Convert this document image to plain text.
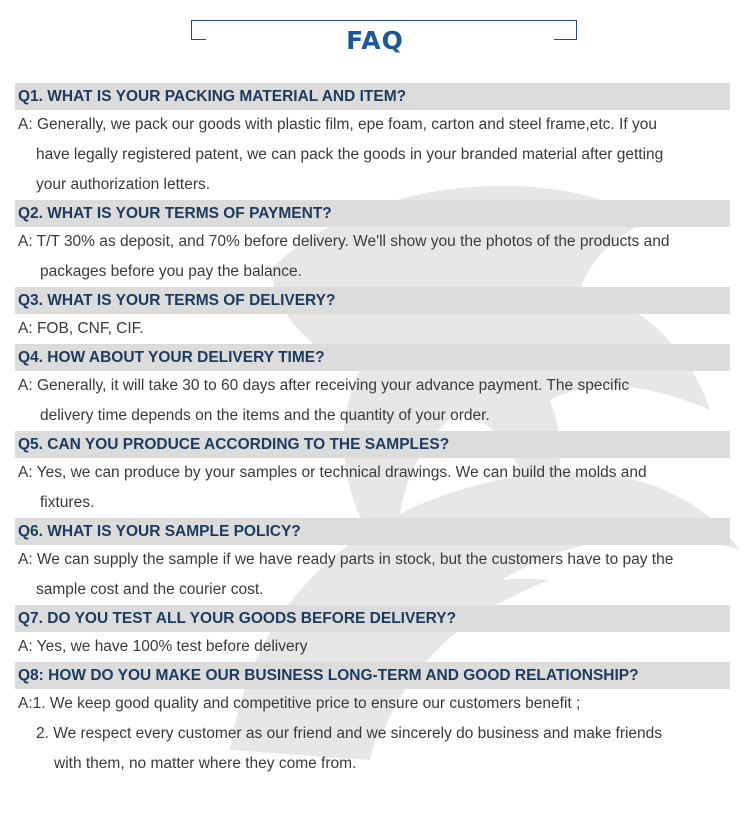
FAQ
Q1. WHAT IS YOUR PACKING MATERIAL AND ITEM?
A: Generally, we pack our goods with plastic film, epe foam, carton and steel frame,etc. If you
have legally registered patent, we can pack the goods in your branded material after getting
your authorization letters.
Q2. WHAT IS YOUR TERMS OF PAYMENT?
A: T/T 30% as deposit, and 70% before delivery. We'll show you the photos of the products and
packages before you pay the balance.
Q3. WHAT IS YOUR TERMS OF DELIVERY?
A: FOB, CNF, CIF.
Q4. HOW ABOUT YOUR DELIVERY TIME?
A: Generally, it will take 30 to 60 days after receiving your advance payment. The specific
delivery time depends on the items and the quantity of your order.
Q5. CAN YOU PRODUCE ACCORDING TO THE SAMPLES?
A: Yes, we can produce by your samples or technical drawings. We can build the molds and
fixtures.
Q6. WHAT IS YOUR SAMPLE POLICY?
A: We can supply the sample if we have ready parts in stock, but the customers have to pay the
sample cost and the courier cost.
Q7. DO YOU TEST ALL YOUR GOODS BEFORE DELIVERY?
A: Yes, we have 100% test before delivery
Q8: HOW DO YOU MAKE OUR BUSINESS LONG-TERM AND GOOD RELATIONSHIP?
A:1. We keep good quality and competitive price to ensure our customers benefit ;
2. We respect every customer as our friend and we sincerely do business and make friends
with them, no matter where they come from.
